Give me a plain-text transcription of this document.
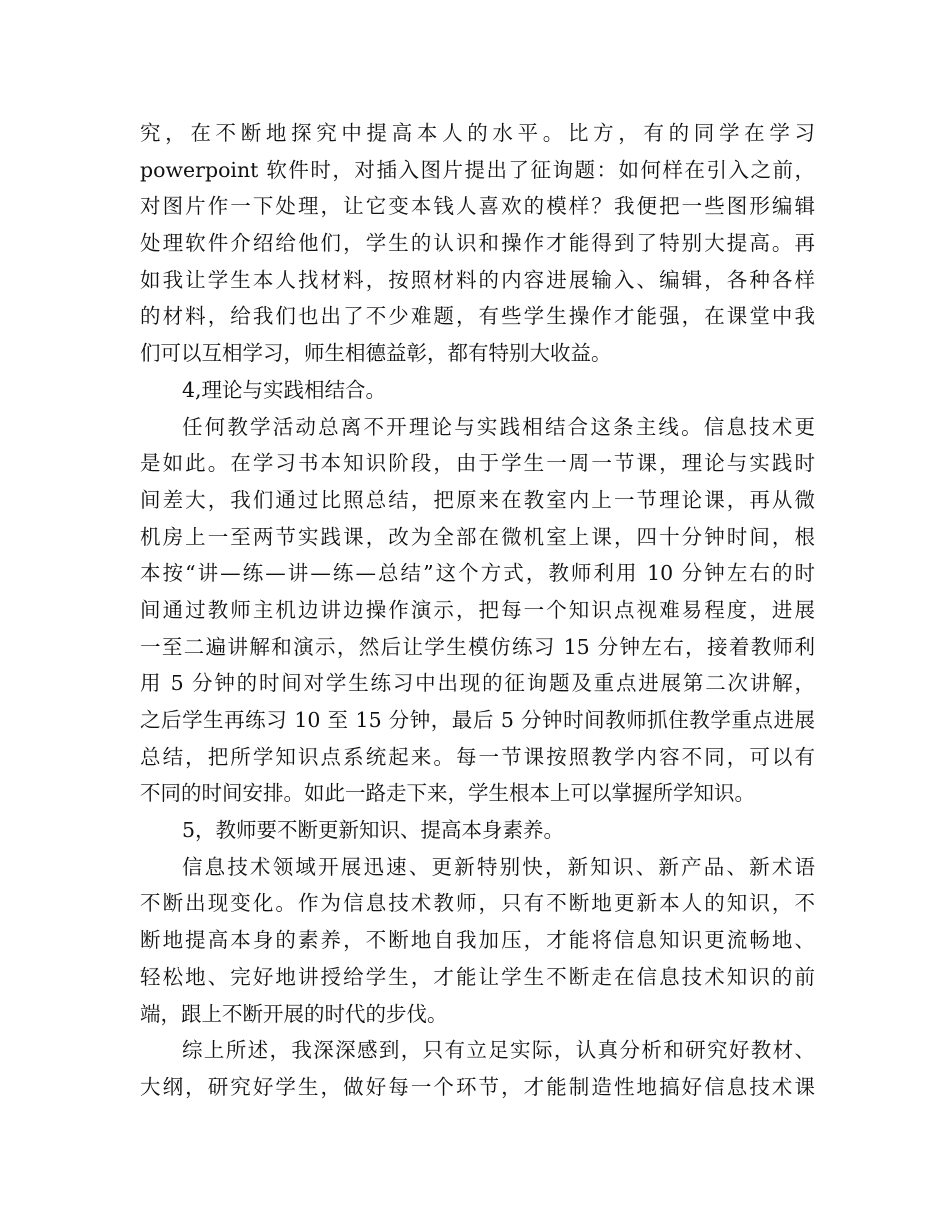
究，在不断地探究中提高本人的水平。比方，有的同学在学习
powerpoint 软件时，对插入图片提出了征询题：如何样在引入之前，
对图片作一下处理，让它变本钱人喜欢的模样？我便把一些图形编辑
处理软件介绍给他们，学生的认识和操作才能得到了特别大提高。再
如我让学生本人找材料，按照材料的内容进展输入、编辑，各种各样
的材料，给我们也出了不少难题，有些学生操作才能强，在课堂中我
们可以互相学习，师生相德益彰，都有特别大收益。
4,理论与实践相结合。
任何教学活动总离不开理论与实践相结合这条主线。信息技术更
是如此。在学习书本知识阶段，由于学生一周一节课，理论与实践时
间差大，我们通过比照总结，把原来在教室内上一节理论课，再从微
机房上一至两节实践课，改为全部在微机室上课，四十分钟时间，根
本按“讲—练—讲—练—总结”这个方式，教师利用 10 分钟左右的时
间通过教师主机边讲边操作演示，把每一个知识点视难易程度，进展
一至二遍讲解和演示，然后让学生模仿练习 15 分钟左右，接着教师利
用 5 分钟的时间对学生练习中出现的征询题及重点进展第二次讲解，
之后学生再练习 10 至 15 分钟，最后 5 分钟时间教师抓住教学重点进展
总结，把所学知识点系统起来。每一节课按照教学内容不同，可以有
不同的时间安排。如此一路走下来，学生根本上可以掌握所学知识。
5，教师要不断更新知识、提高本身素养。
信息技术领域开展迅速、更新特别快，新知识、新产品、新术语
不断出现变化。作为信息技术教师，只有不断地更新本人的知识，不
断地提高本身的素养，不断地自我加压，才能将信息知识更流畅地、
轻松地、完好地讲授给学生，才能让学生不断走在信息技术知识的前
端，跟上不断开展的时代的步伐。
综上所述，我深深感到，只有立足实际，认真分析和研究好教材、
大纲，研究好学生，做好每一个环节，才能制造性地搞好信息技术课
